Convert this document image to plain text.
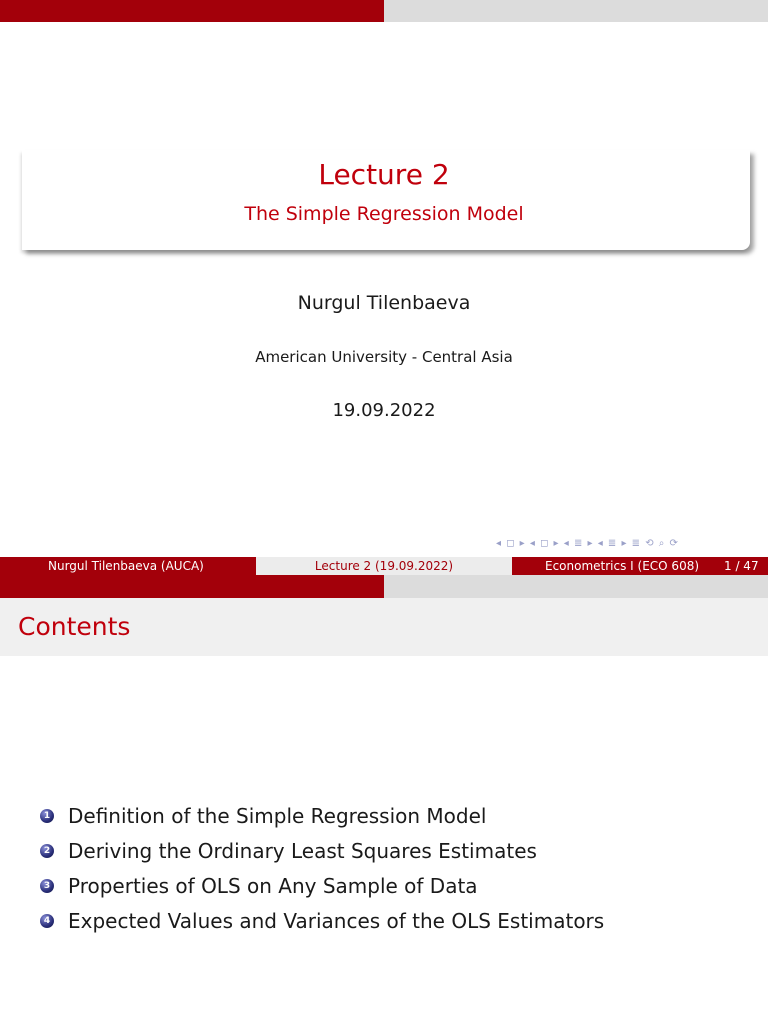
Lecture 2
The Simple Regression Model
Nurgul Tilenbaeva
American University - Central Asia
19.09.2022
◂ ◻ ▸ ◂ ◻ ▸ ◂ ≣ ▸ ◂ ≣ ▸ ≣ ⟲ ⌕ ⟳
Nurgul Tilenbaeva (AUCA)	Lecture 2 (19.09.2022)	Econometrics I (ECO 608) 1 / 47
Contents
1 Definition of the Simple Regression Model
2 Deriving the Ordinary Least Squares Estimates
3 Properties of OLS on Any Sample of Data
4 Expected Values and Variances of the OLS Estimators
